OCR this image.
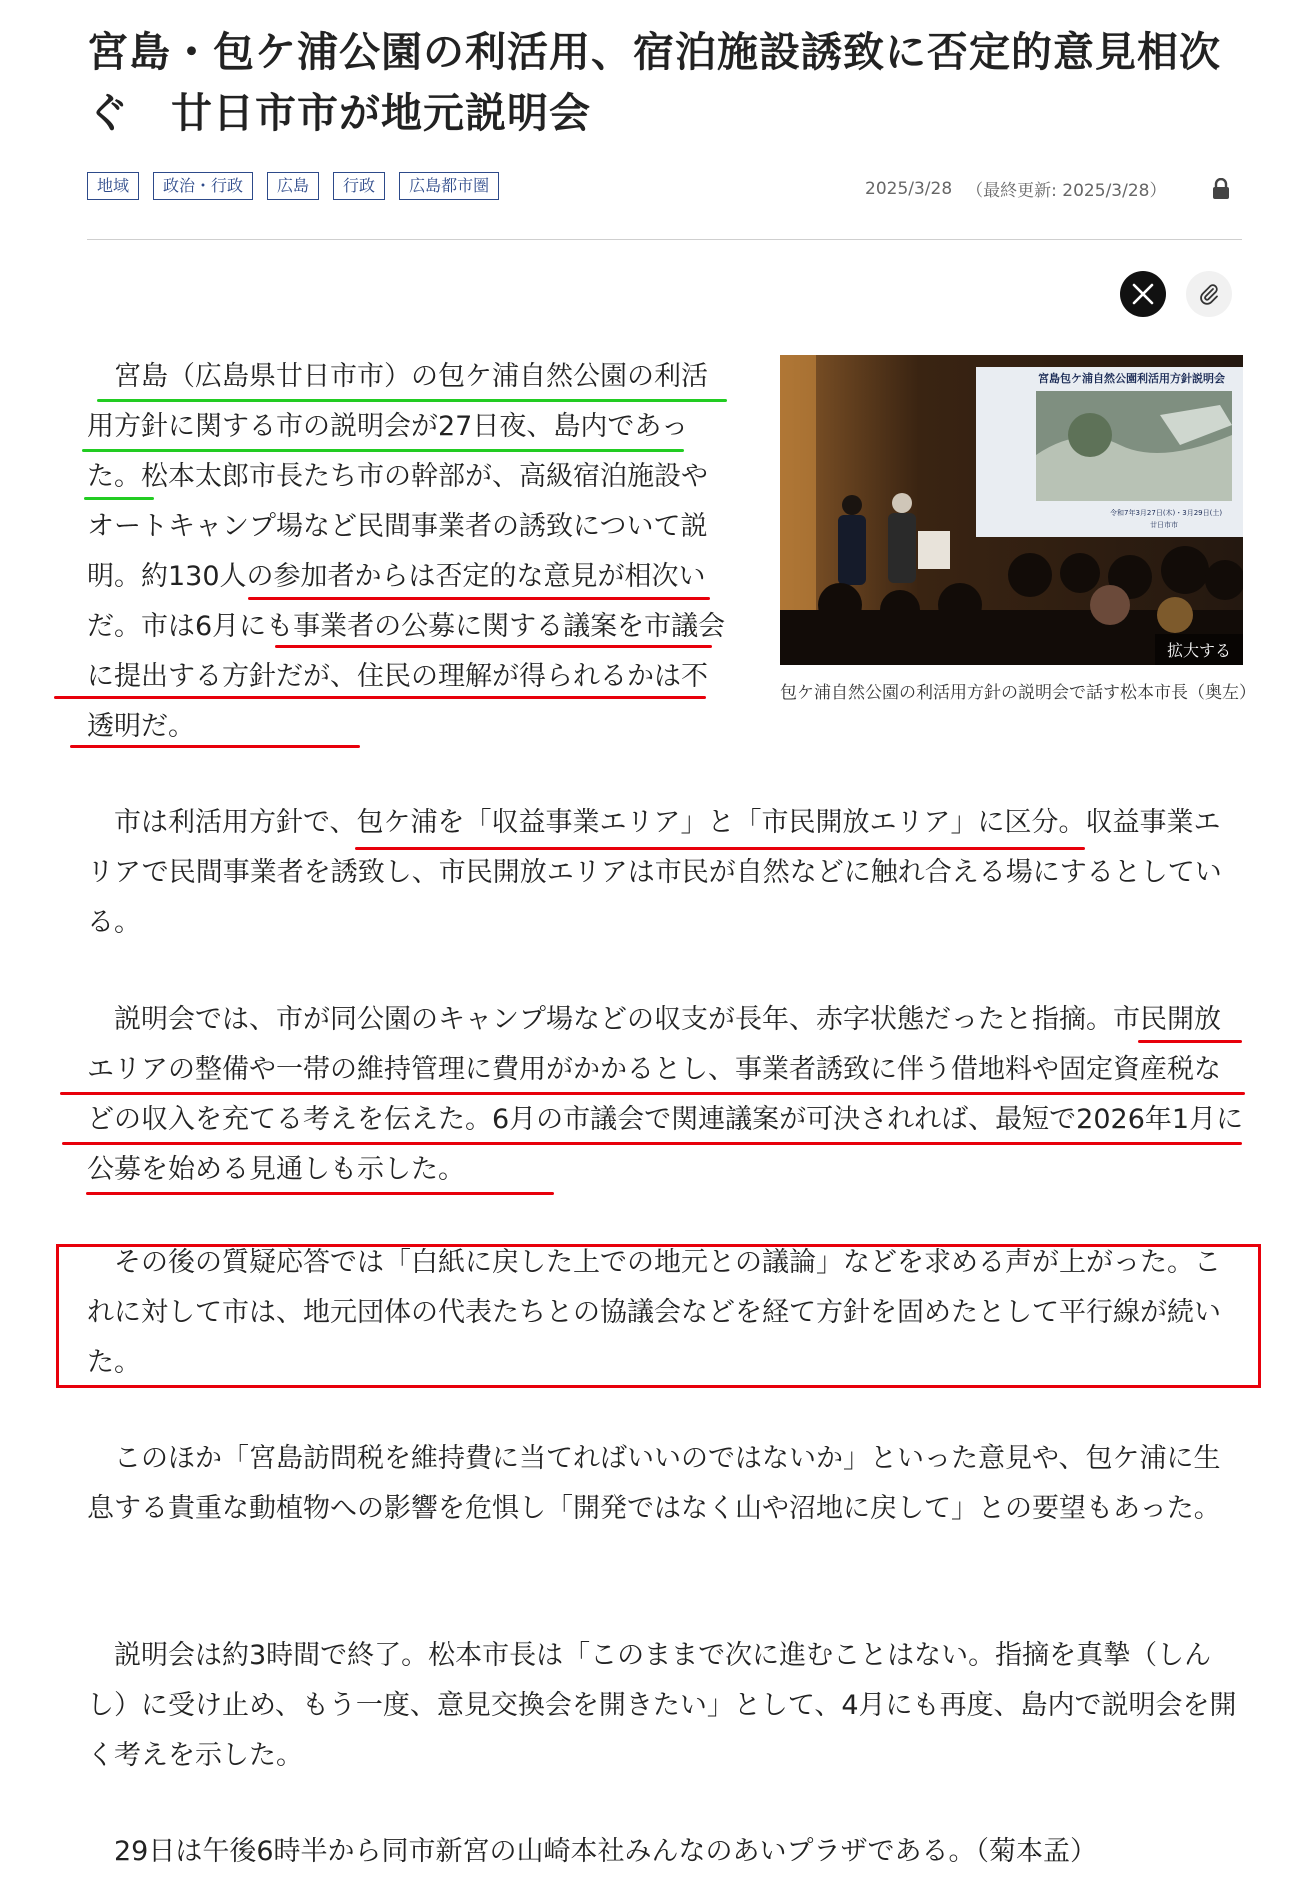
宮島・包ケ浦公園の利活用、宿泊施設誘致に否定的意見相次ぐ　廿日市市が地元説明会
地域	政治・行政	広島	行政	広島都市圏	2025/3/28 （最終更新: 2025/3/28）

　宮島（広島県廿日市市）の包ケ浦自然公園の利活用方針に関する市の説明会が27日夜、島内であった。松本太郎市長たち市の幹部が、高級宿泊施設やオートキャンプ場など民間事業者の誘致について説明。約130人の参加者からは否定的な意見が相次いだ。市は6月にも事業者の公募に関する議案を市議会に提出する方針だが、住民の理解が得られるかは不透明だ。

宮島包ケ浦自然公園利活用方針説明会
令和7年3月27日(木)・3月29日(土)
廿日市市
拡大する
包ケ浦自然公園の利活用方針の説明会で話す松本市長（奥左）

　市は利活用方針で、包ケ浦を「収益事業エリア」と「市民開放エリア」に区分。収益事業エリアで民間事業者を誘致し、市民開放エリアは市民が自然などに触れ合える場にするとしている。

　説明会では、市が同公園のキャンプ場などの収支が長年、赤字状態だったと指摘。市民開放エリアの整備や一帯の維持管理に費用がかかるとし、事業者誘致に伴う借地料や固定資産税などの収入を充てる考えを伝えた。6月の市議会で関連議案が可決されれば、最短で2026年1月に公募を始める見通しも示した。

　その後の質疑応答では「白紙に戻した上での地元との議論」などを求める声が上がった。これに対して市は、地元団体の代表たちとの協議会などを経て方針を固めたとして平行線が続いた。

　このほか「宮島訪問税を維持費に当てればいいのではないか」といった意見や、包ケ浦に生息する貴重な動植物への影響を危惧し「開発ではなく山や沼地に戻して」との要望もあった。

　説明会は約3時間で終了。松本市長は「このままで次に進むことはない。指摘を真摯（しんし）に受け止め、もう一度、意見交換会を開きたい」として、4月にも再度、島内で説明会を開く考えを示した。

　29日は午後6時半から同市新宮の山崎本社みんなのあいプラザである。（菊本孟）
